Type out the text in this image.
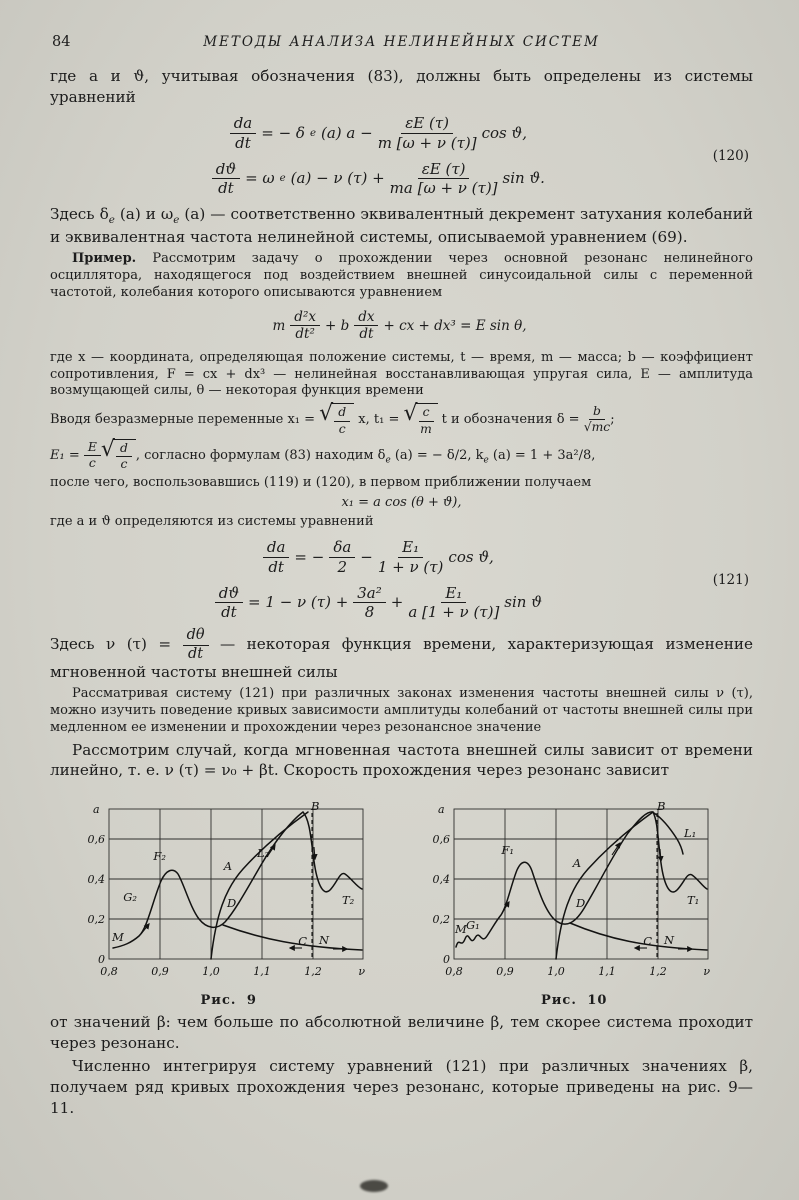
84	МЕТОДЫ АНАЛИЗА НЕЛИНЕЙНЫХ СИСТЕМ

где a и ϑ, учитывая обозначения (83), должны быть определены из системы уравнений

$\frac{da}{dt}$ = − δ e (a) $a - \frac{\varepsilon E (\tau)}{m [\omega + \nu (\tau)]}$ cos ϑ,
$\frac{dϑ}{dt} = \omega$ e (a) − ν $(\tau) + \frac{\varepsilon E (\tau)}{ma [\omega + \nu (\tau)]}$ sin ϑ.
(120)

Здесь $\delta_e$ (a) и $\omega_e$ (a) — соответственно эквивалентный декремент затухания колебаний и эквивалентная частота нелинейной системы, описываемой уравнением (69).

Пример. Рассмотрим задачу о прохождении через основной резонанс нелинейного осциллятора, находящегося под воздействием внешней синусоидальной силы с переменной частотой, колебания которого описываются уравнением

m $\frac{\text{d²x}}{\text{dt²}} + b \frac{dx}{dt}$ + cx + dx³ = E sin θ,

где x — координата, определяющая положение системы, t — время, m — масса; b — коэффициент сопротивления, F = cx + dx³ — нелинейная восстанавливающая упругая сила, E — амплитуда возмущающей силы, θ — некоторая функция времени

Вводя безразмерные переменные x₁ = √ $\frac{d}{c} x$, t₁ = √ $\frac{c}{m}$ t и обозначения $\delta = \frac{b}{√mc}$ ;

$E_1 = \frac{E}{c}$ √ $\frac{d}{c}$ , согласно формулам (83) находим $\delta_e$ (a) = − δ/2, $k_e$ (a) = 1 + 3a²/8,

после чего, воспользовавшись (119) и (120), в первом приближении получаем

x₁ = a cos (θ + ϑ),

где a и ϑ определяются из системы уравнений

$\frac{da}{dt}$ = − $\frac{\delta a}{2} - \frac{\text{E₁}}{1 + \nu (\tau)}$ cos ϑ,
$\frac{dϑ}{dt} = 1 - \nu$ $(\tau) + \frac{\text{3a²}}{8} + \frac{\text{E₁}}{a [1 + \nu (\tau)]}$ sin ϑ
(121)

Здесь ν $(\tau) = \frac{d\theta}{dt}$ — некоторая функция времени, характеризующая изменение мгновенной частоты внешней силы

Рассматривая систему (121) при различных законах изменения частоты внешней силы ν (τ), можно изучить поведение кривых зависимости амплитуды колебаний от частоты внешней силы при медленном ее изменении и прохождении через резонансное значение

Рассмотрим случай, когда мгновенная частота внешней силы зависит от времени линейно, т. е. ν (τ) = ν₀ + βt. Скорость прохождения через резонанс зависит

a
0,6
0,4
0,2
0
0,8	0,9	1,0	1,1	1,2	ν
B
A
L₂
F₂
G₂
M
D	T₂
C N
Рис. 9
a
0,6
0,4
0,2
0
0,8	0,9	1,0	1,1	1,2	ν
B
L₁
F₁
A
M G₁
D	T₁
C N
Рис. 10

от значений β: чем больше по абсолютной величине β, тем скорее система проходит через резонанс.

Численно интегрируя систему уравнений (121) при различных значениях β, получаем ряд кривых прохождения через резонанс, которые приведены на рис. 9—11.
